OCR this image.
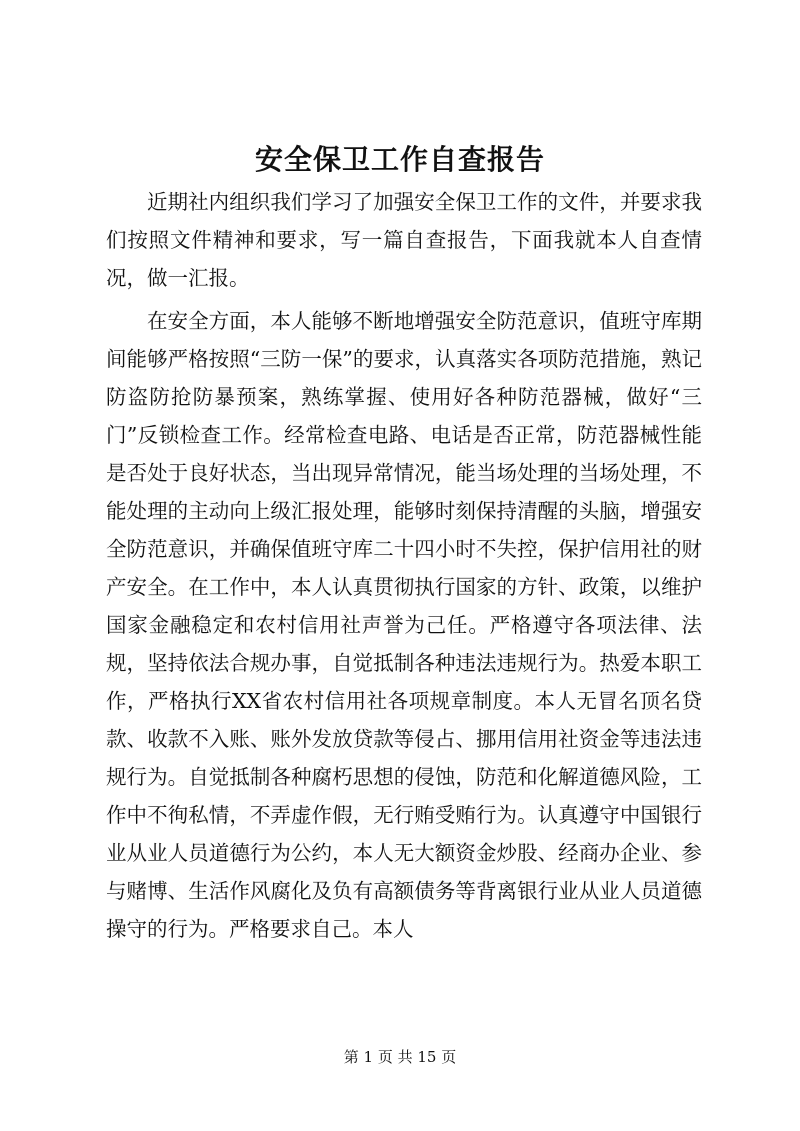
安全保卫工作自查报告

近期社内组织我们学习了加强安全保卫工作的文件，并要求我们按照文件精神和要求，写一篇自查报告，下面我就本人自查情况，做一汇报。

在安全方面，本人能够不断地增强安全防范意识，值班守库期间能够严格按照“三防一保”的要求，认真落实各项防范措施，熟记防盗防抢防暴预案，熟练掌握、使用好各种防范器械，做好“三门”反锁检查工作。经常检查电路、电话是否正常，防范器械性能是否处于良好状态，当出现异常情况，能当场处理的当场处理，不能处理的主动向上级汇报处理，能够时刻保持清醒的头脑，增强安全防范意识，并确保值班守库二十四小时不失控，保护信用社的财产安全。在工作中，本人认真贯彻执行国家的方针、政策，以维护国家金融稳定和农村信用社声誉为己任。严格遵守各项法律、法规，坚持依法合规办事，自觉抵制各种违法违规行为。热爱本职工作，严格执行XX省农村信用社各项规章制度。本人无冒名顶名贷款、收款不入账、账外发放贷款等侵占、挪用信用社资金等违法违规行为。自觉抵制各种腐朽思想的侵蚀，防范和化解道德风险，工作中不徇私情，不弄虚作假，无行贿受贿行为。认真遵守中国银行业从业人员道德行为公约，本人无大额资金炒股、经商办企业、参与赌博、生活作风腐化及负有高额债务等背离银行业从业人员道德操守的行为。严格要求自己。本人

第 1 页 共 15 页
